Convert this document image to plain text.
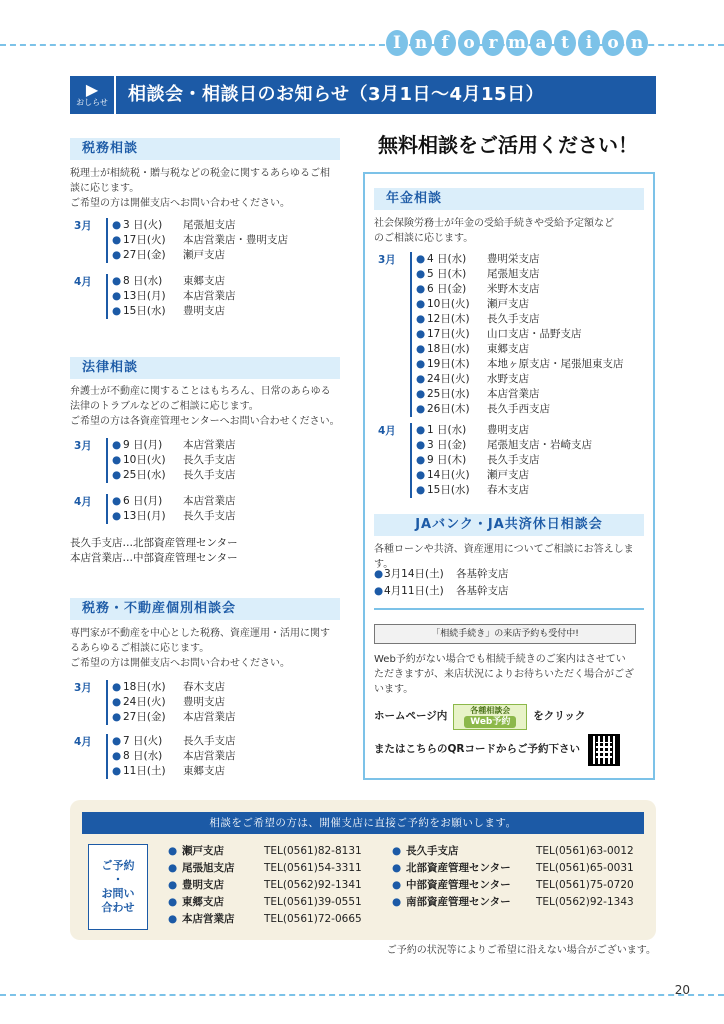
I n f o r m a t i o n
▶
おしらせ	相談会・相談日のお知らせ（3月1日〜4月15日）
税務相談
税理士が相続税・贈与税などの税金に関するあらゆるご相
談に応じます。
ご希望の方は開催支店へお問い合わせください。
3月	● 3 日(火)	尾張旭支店
● 17日(火)	本店営業店・豊明支店
● 27日(金)	瀬戸支店
4月	● 8 日(水)	東郷支店
● 13日(月)	本店営業店
● 15日(水)	豊明支店
法律相談
弁護士が不動産に関することはもちろん、日常のあらゆる
法律のトラブルなどのご相談に応じます。
ご希望の方は各資産管理センターへお問い合わせください。
3月	● 9 日(月)	本店営業店
● 10日(火)	長久手支店
● 25日(水)	長久手支店
4月	● 6 日(月)	本店営業店
● 13日(月)	長久手支店
長久手支店…北部資産管理センター
本店営業店…中部資産管理センター
税務・不動産個別相談会
専門家が不動産を中心とした税務、資産運用・活用に関す
るあらゆるご相談に応じます。
ご希望の方は開催支店へお問い合わせください。
3月	● 18日(水)	春木支店
● 24日(火)	豊明支店
● 27日(金)	本店営業店
4月	● 7 日(火)	長久手支店
● 8 日(水)	本店営業店
● 11日(土)	東郷支店
無料相談をご活用ください！
年金相談
社会保険労務士が年金の受給手続きや受給予定額など
のご相談に応じます。
3月	● 4 日(水)	豊明栄支店
● 5 日(木)	尾張旭支店
● 6 日(金)	米野木支店
● 10日(火)	瀬戸支店
● 12日(木)	長久手支店
● 17日(火)	山口支店・品野支店
● 18日(水)	東郷支店
● 19日(木)	本地ヶ原支店・尾張旭東支店
● 24日(火)	水野支店
● 25日(水)	本店営業店
● 26日(木)	長久手西支店
4月	● 1 日(水)	豊明支店
● 3 日(金)	尾張旭支店・岩崎支店
● 9 日(木)	長久手支店
● 14日(火)	瀬戸支店
● 15日(水)	春木支店
JAバンク・JA共済休日相談会
各種ローンや共済、資産運用についてご相談にお答えします。
● 3月14日(土)	各基幹支店
● 4月11日(土)	各基幹支店
「相続手続き」の来店予約も受付中!
Web予約がない場合でも相続手続きのご案内はさせてい
ただきますが、来店状況によりお待ちいただく場合がござ
います。
ホームページ内	各種相談会
Web予約	をクリック
またはこちらのQRコードからご予約下さい
相談をご希望の方は、開催支店に直接ご予約をお願いします。
ご予約
・
お問い
合わせ
● 瀬戸支店	TEL(0561)82-8131
● 尾張旭支店	TEL(0561)54-3311
● 豊明支店	TEL(0562)92-1341
● 東郷支店	TEL(0561)39-0551
● 本店営業店	TEL(0561)72-0665
● 長久手支店	TEL(0561)63-0012
● 北部資産管理センター	TEL(0561)65-0031
● 中部資産管理センター	TEL(0561)75-0720
● 南部資産管理センター	TEL(0562)92-1343
ご予約の状況等によりご希望に沿えない場合がございます。
20
